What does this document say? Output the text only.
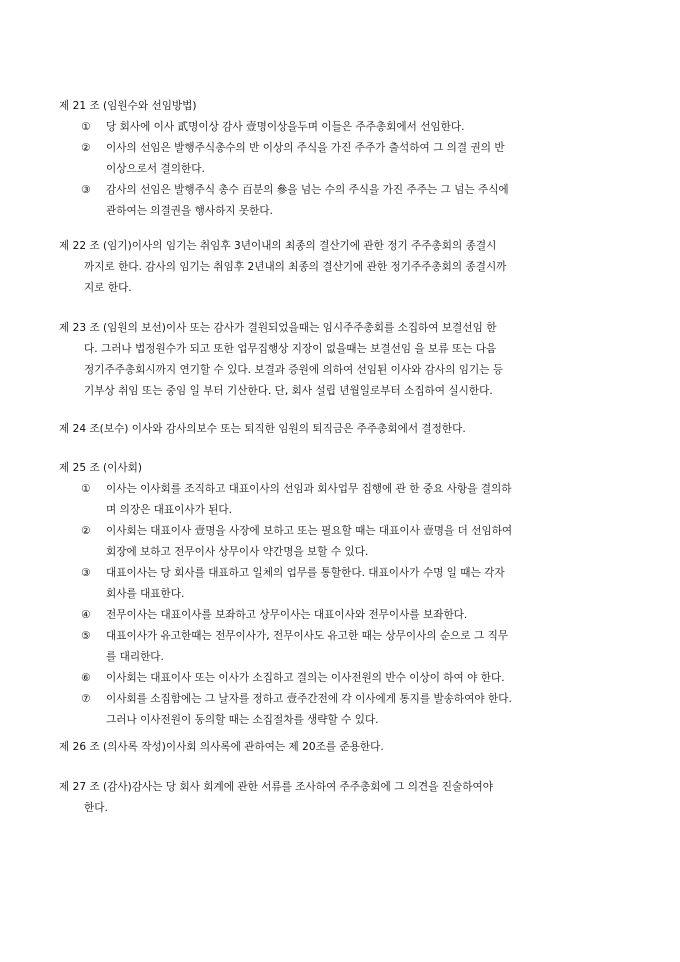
제 21 조 (임원수와 선임방법)
①	당 회사에 이사 貳명이상 감사 壹명이상을두며 이들은 주주총회에서 선임한다.
②	이사의 선임은 발행주식총수의 반 이상의 주식을 가진 주주가 출석하여 그 의결 권의 반
이상으로서 결의한다.
③	감사의 선임은 발행주식 총수 百분의 參을 넘는 수의 주식을 가진 주주는 그 넘는 주식에
관하여는 의결권을 행사하지 못한다.
제 22 조 (임기)이사의 임기는 취임후 3년이내의 최종의 결산기에 관한 정기 주주총회의 종결시
까지로 한다. 감사의 임기는 취임후 2년내의 최종의 결산기에 관한 정기주주총회의 종결시까
지로 한다.
제 23 조 (임원의 보선)이사 또는 감사가 결원되었을때는 임시주주총회를 소집하여 보결선임 한
다. 그러나 법정원수가 되고 또한 업무집행상 지장이 없을때는 보결선임 을 보류 또는 다음
정기주주총회시까지 연기할 수 있다. 보결과 증원에 의하여 선임된 이사와 감사의 임기는 등
기부상 취임 또는 중임 일 부터 기산한다. 단, 회사 설립 년월일로부터 소집하여 실시한다.
제 24 조(보수) 이사와 감사의보수 또는 퇴직한 임원의 퇴직금은 주주총회에서 결정한다.
제 25 조 (이사회)
①	이사는 이사회를 조직하고 대표이사의 선임과 회사업무 집행에 관 한 중요 사항을 결의하
며 의장은 대표이사가 된다.
②	이사회는 대표이사 壹명을 사장에 보하고 또는 필요할 때는 대표이사 壹명을 더 선임하여
회장에 보하고 전무이사 상무이사 약간명을 보할 수 있다.
③	대표이사는 당 회사를 대표하고 일체의 업무를 통할한다. 대표이사가 수명 일 때는 각자
회사를 대표한다.
④	전무이사는 대표이사를 보좌하고 상무이사는 대표이사와 전무이사를 보좌한다.
⑤	대표이사가 유고한때는 전무이사가, 전무이사도 유고한 때는 상무이사의 순으로 그 직무
를 대리한다.
⑥	이사회는 대표이사 또는 이사가 소집하고 결의는 이사전원의 반수 이상이 하여 야 한다.
⑦	이사회를 소집함에는 그 날자를 정하고 壹주간전에 각 이사에게 통지를 발송하여야 한다.
그러나 이사전원이 동의할 때는 소집절차를 생략할 수 있다.
제 26 조 (의사록 작성)이사회 의사록에 관하여는 제 20조를 준용한다.
제 27 조 (감사)감사는 당 회사 회계에 관한 서류를 조사하여 주주총회에 그 의견을 진술하여야
한다.
